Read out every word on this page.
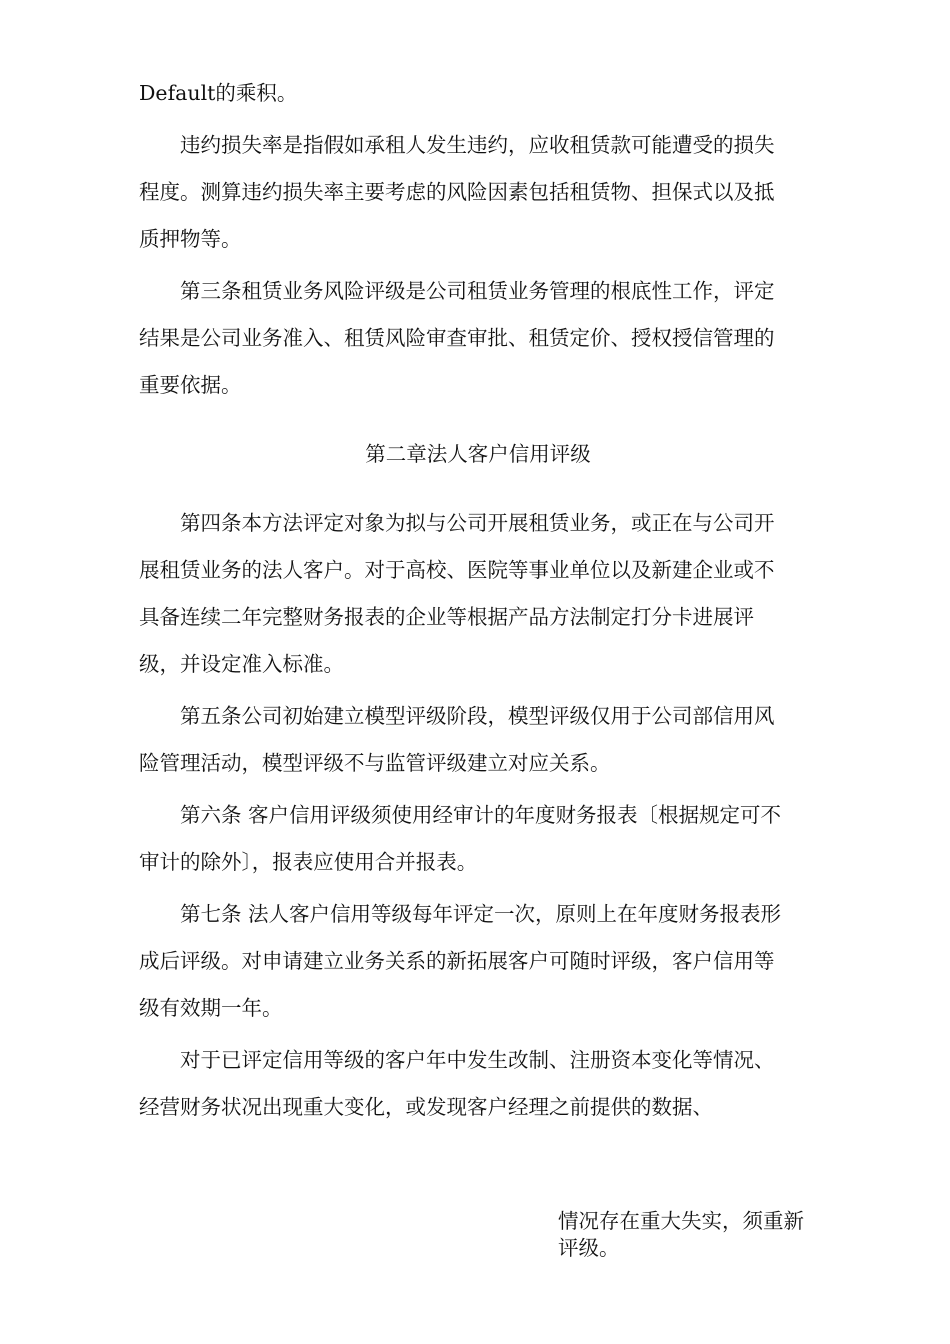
Default的乘积。

违约损失率是指假如承租人发生违约，应收租赁款可能遭受的损失

程度。测算违约损失率主要考虑的风险因素包括租赁物、担保式以及抵

质押物等。

第三条租赁业务风险评级是公司租赁业务管理的根底性工作，评定

结果是公司业务准入、租赁风险审查审批、租赁定价、授权授信管理的

重要依据。

第二章法人客户信用评级

第四条本方法评定对象为拟与公司开展租赁业务，或正在与公司开

展租赁业务的法人客户。对于高校、医院等事业单位以及新建企业或不

具备连续二年完整财务报表的企业等根据产品方法制定打分卡进展评

级，并设定准入标准。

第五条公司初始建立模型评级阶段，模型评级仅用于公司部信用风

险管理活动，模型评级不与监管评级建立对应关系。

第六条 客户信用评级须使用经审计的年度财务报表〔根据规定可不

审计的除外〕，报表应使用合并报表。

第七条 法人客户信用等级每年评定一次，原则上在年度财务报表形

成后评级。对申请建立业务关系的新拓展客户可随时评级，客户信用等

级有效期一年。

对于已评定信用等级的客户年中发生改制、注册资本变化等情况、

经营财务状况出现重大变化，或发现客户经理之前提供的数据、

情况存在重大失实，须重新

评级。
